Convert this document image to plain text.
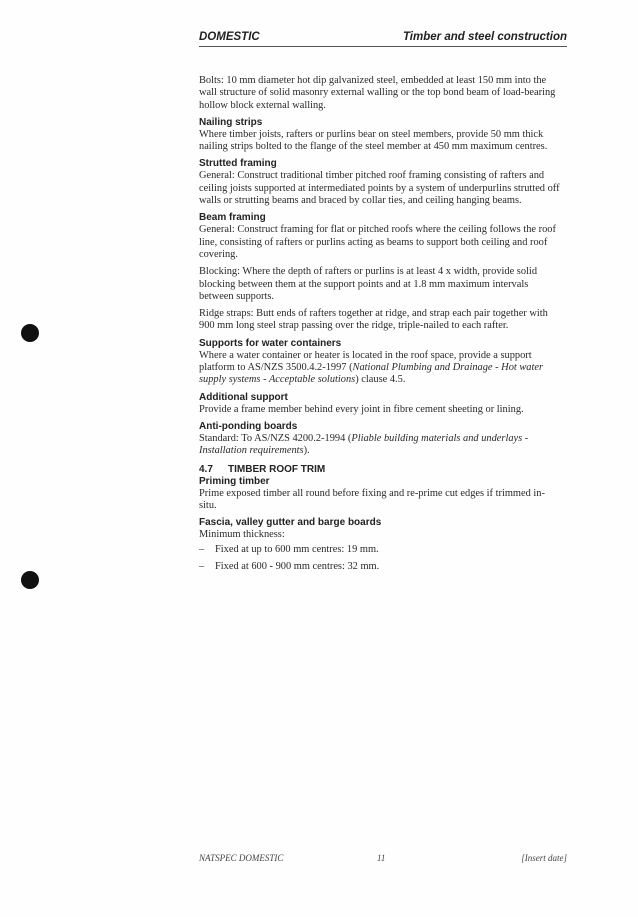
DOMESTIC	Timber and steel construction

Bolts: 10 mm diameter hot dip galvanized steel, embedded at least 150 mm into the wall structure of solid masonry external walling or the top bond beam of load-bearing hollow block external walling.

Nailing strips

Where timber joists, rafters or purlins bear on steel members, provide 50 mm thick nailing strips bolted to the flange of the steel member at 450 mm maximum centres.

Strutted framing

General: Construct traditional timber pitched roof framing consisting of rafters and ceiling joists supported at intermediated points by a system of underpurlins strutted off walls or strutting beams and braced by collar ties, and ceiling hanging beams.

Beam framing

General: Construct framing for flat or pitched roofs where the ceiling follows the roof line, consisting of rafters or purlins acting as beams to support both ceiling and roof covering.

Blocking: Where the depth of rafters or purlins is at least 4 x width, provide solid blocking between them at the support points and at 1.8 mm maximum intervals between supports.

Ridge straps: Butt ends of rafters together at ridge, and strap each pair together with 900 mm long steel strap passing over the ridge, triple-nailed to each rafter.

Supports for water containers

Where a water container or heater is located in the roof space, provide a support platform to AS/NZS 3500.4.2-1997 (National Plumbing and Drainage - Hot water supply systems - Acceptable solutions) clause 4.5.

Additional support

Provide a frame member behind every joint in fibre cement sheeting or lining.

Anti-ponding boards

Standard: To AS/NZS 4200.2-1994 (Pliable building materials and underlays - Installation requirements).

4.7	TIMBER ROOF TRIM
Priming timber

Prime exposed timber all round before fixing and re-prime cut edges if trimmed in-situ.

Fascia, valley gutter and barge boards

Minimum thickness:

–	Fixed at up to 600 mm centres: 19 mm.
–	Fixed at 600 - 900 mm centres: 32 mm.
NATSPEC DOMESTIC	11	[Insert date]
